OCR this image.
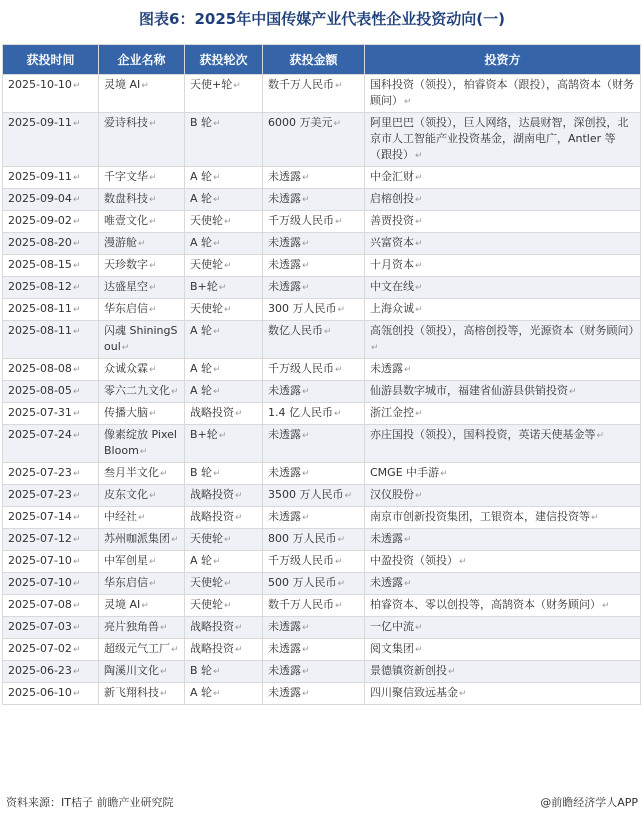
图表6：2025年中国传媒产业代表性企业投资动向(一)
获投时间	企业名称	获投轮次	获投金额	投资方
2025-10-10↵	灵境 AI↵	天使+轮↵	数千万人民币↵	国科投资（领投），柏睿资本（跟投），高鹄资本（财务顾问）↵
2025-09-11↵	爱诗科技↵	B 轮↵	6000 万美元↵	阿里巴巴（领投），巨人网络，达晨财智，深创投，北京市人工智能产业投资基金，湖南电广，Antler 等（跟投）↵
2025-09-11↵	千字文华↵	A 轮↵	未透露↵	中金汇财↵
2025-09-04↵	数盘科技↵	A 轮↵	未透露↵	启榕创投↵
2025-09-02↵	唯壹文化↵	天使轮↵	千万级人民币↵	善贾投资↵
2025-08-20↵	漫游舱↵	A 轮↵	未透露↵	兴富资本↵
2025-08-15↵	天珍数字↵	天使轮↵	未透露↵	十月资本↵
2025-08-12↵	达盛星空↵	B+轮↵	未透露↵	中文在线↵
2025-08-11↵	华东启信↵	天使轮↵	300 万人民币↵	上海众诚↵
2025-08-11↵	闪魂 ShiningSoul↵	A 轮↵	数亿人民币↵	高瓴创投（领投），高榕创投等，光源资本（财务顾问）↵
2025-08-08↵	众诚众霖↵	A 轮↵	千万级人民币↵	未透露↵
2025-08-05↵	零六二九文化↵	A 轮↵	未透露↵	仙游县数字城市，福建省仙游县供销投资↵
2025-07-31↵	传播大脑↵	战略投资↵	1.4 亿人民币↵	浙江金控↵
2025-07-24↵	像素绽放 PixelBloom↵	B+轮↵	未透露↵	亦庄国投（领投），国科投资，英诺天使基金等↵
2025-07-23↵	叁月半文化↵	B 轮↵	未透露↵	CMGE 中手游↵
2025-07-23↵	皮东文化↵	战略投资↵	3500 万人民币↵	汉仪股份↵
2025-07-14↵	中经社↵	战略投资↵	未透露↵	南京市创新投资集团，工银资本，建信投资等↵
2025-07-12↵	苏州咖派集团↵	天使轮↵	800 万人民币↵	未透露↵
2025-07-10↵	中军创星↵	A 轮↵	千万级人民币↵	中盈投资（领投）↵
2025-07-10↵	华东启信↵	天使轮↵	500 万人民币↵	未透露↵
2025-07-08↵	灵境 AI↵	天使轮↵	数千万人民币↵	柏睿资本、零以创投等，高鹄资本（财务顾问）↵
2025-07-03↵	亮片独角兽↵	战略投资↵	未透露↵	一亿中流↵
2025-07-02↵	超级元气工厂↵	战略投资↵	未透露↵	阅文集团↵
2025-06-23↵	陶溪川文化↵	B 轮↵	未透露↵	景德镇资新创投↵
2025-06-10↵	新飞翔科技↵	A 轮↵	未透露↵	四川聚信致远基金↵
资料来源：IT桔子 前瞻产业研究院	@前瞻经济学人APP
